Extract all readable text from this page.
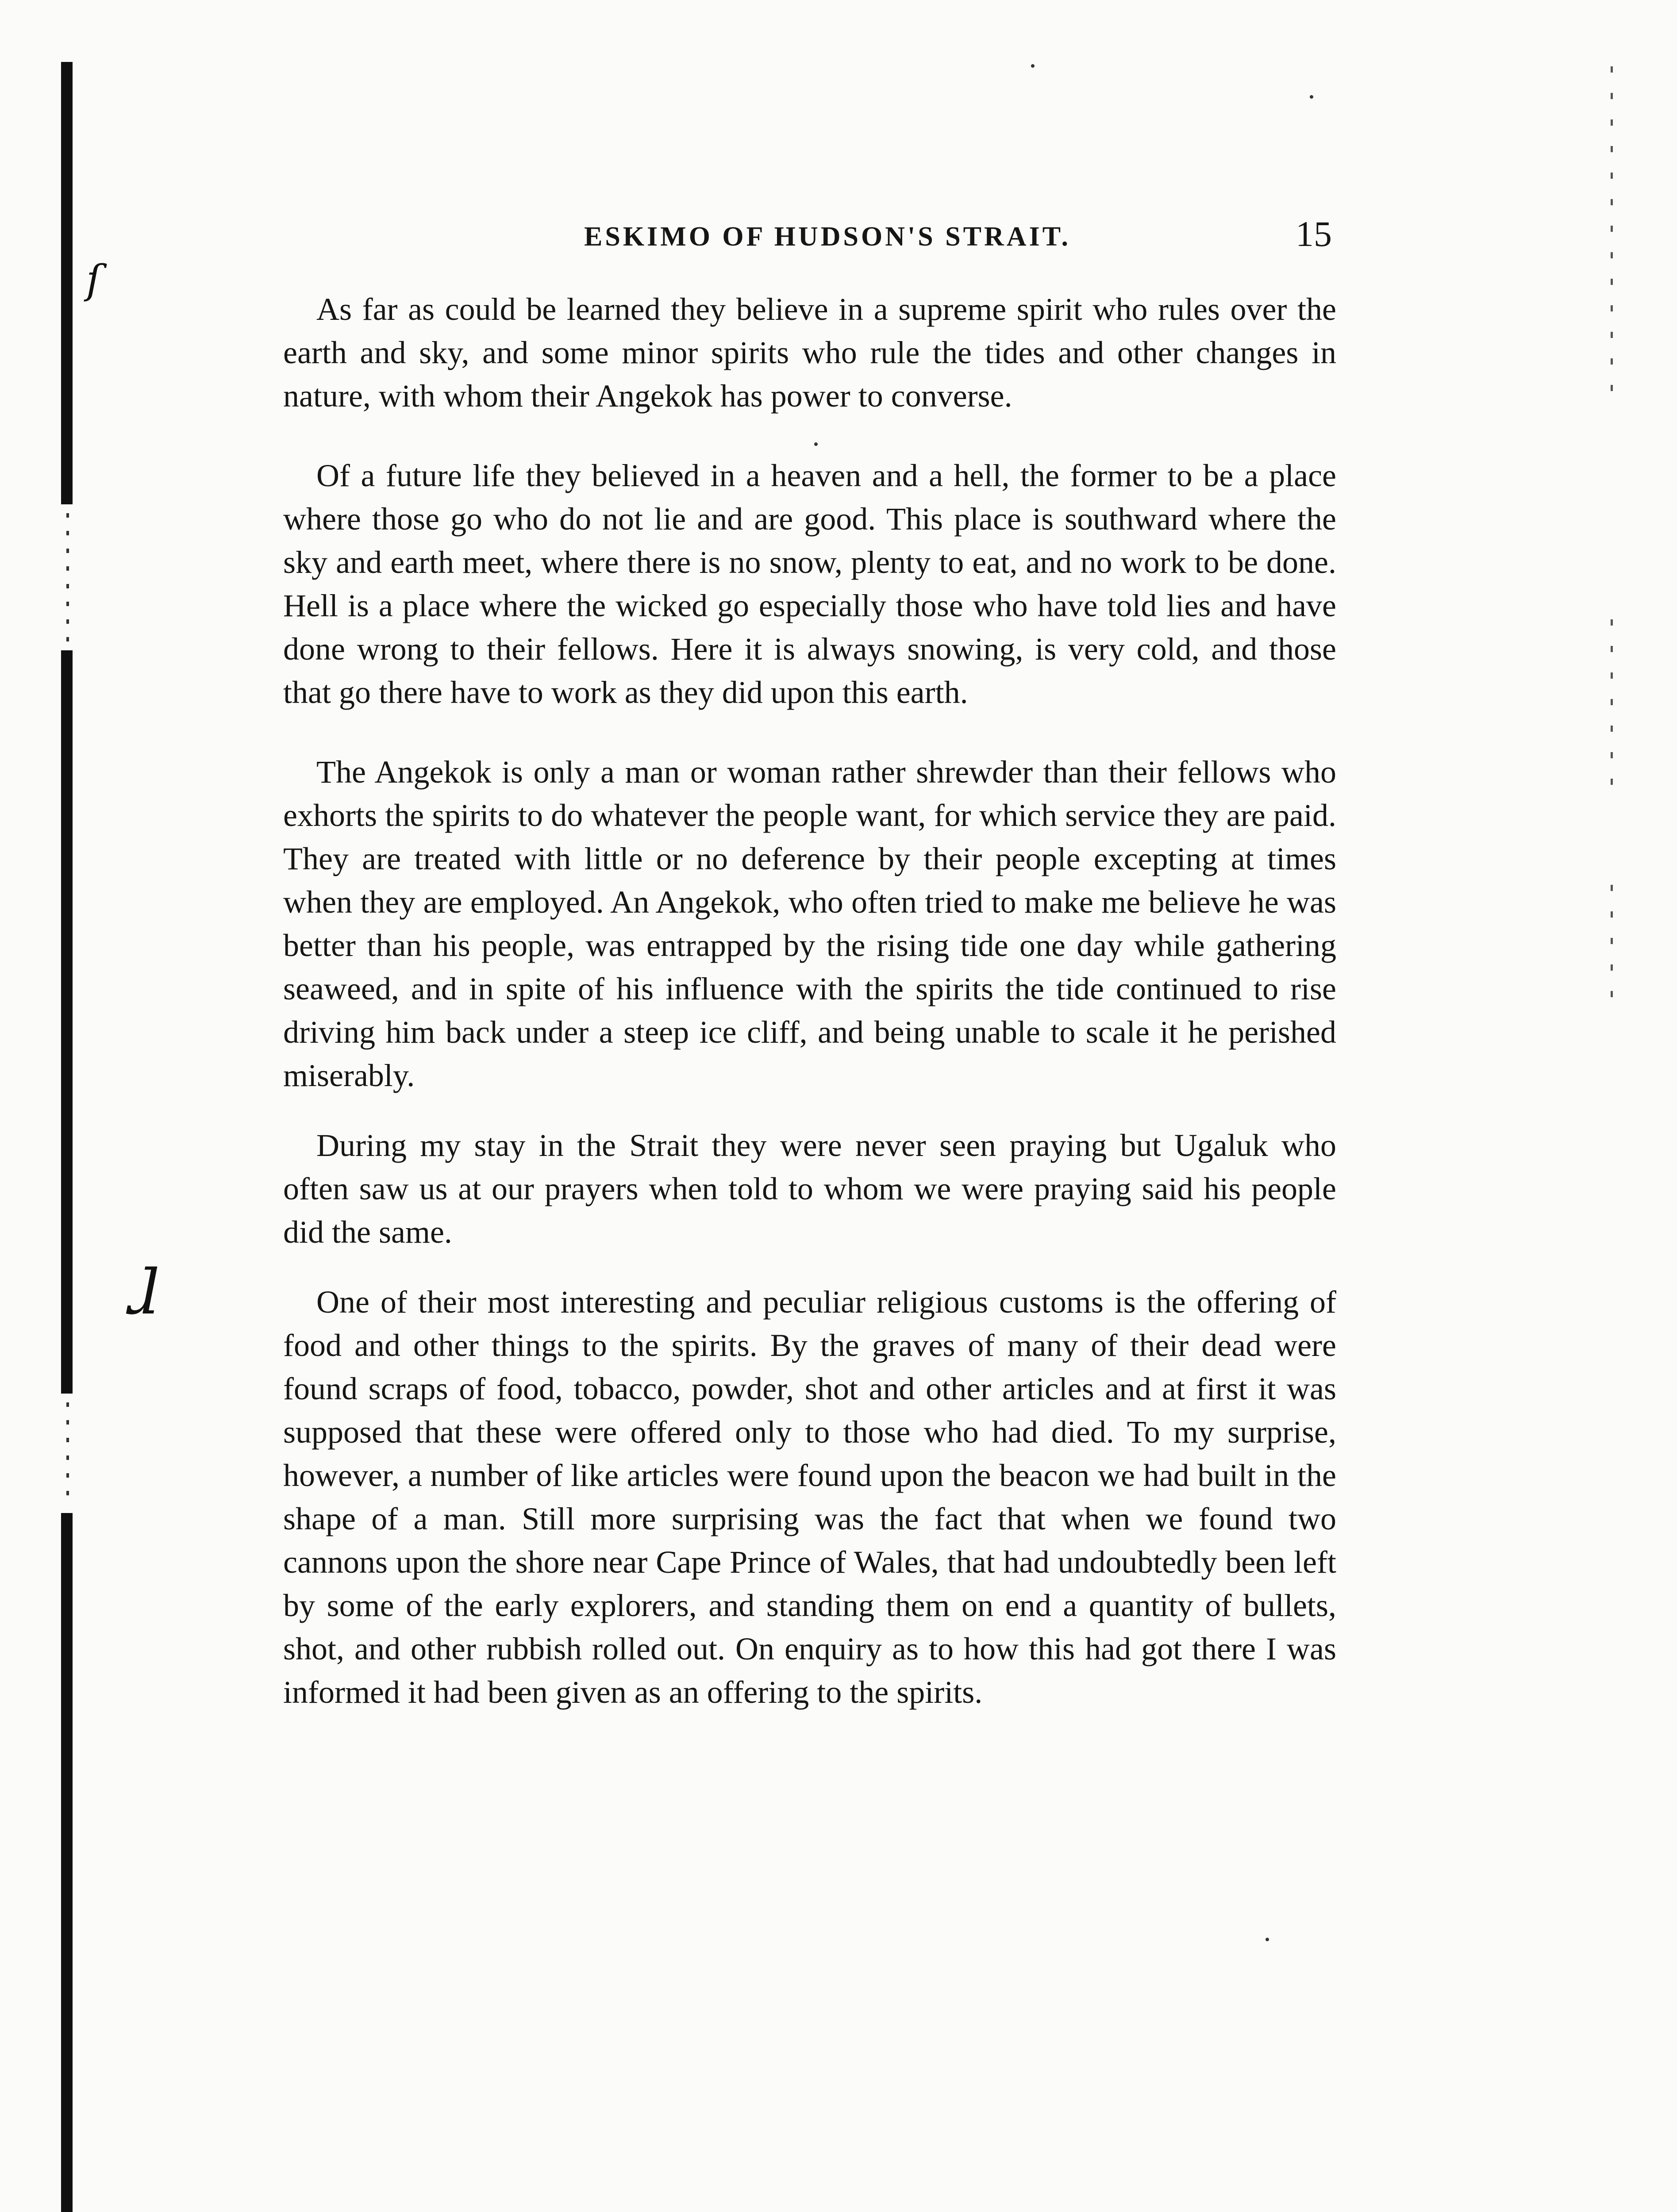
ſ
ɺ
ESKIMO OF HUDSON'S STRAIT.	15

As far as could be learned they believe in a supreme spirit who rules over the earth and sky, and some minor spirits who rule the tides and other changes in nature, with whom their Angekok has power to converse.

Of a future life they believed in a heaven and a hell, the former to be a place where those go who do not lie and are good. This place is southward where the sky and earth meet, where there is no snow, plenty to eat, and no work to be done. Hell is a place where the wicked go especially those who have told lies and have done wrong to their fellows. Here it is always snowing, is very cold, and those that go there have to work as they did upon this earth.

The Angekok is only a man or woman rather shrewder than their fellows who exhorts the spirits to do whatever the people want, for which service they are paid. They are treated with little or no deference by their people excepting at times when they are employed. An Angekok, who often tried to make me believe he was better than his people, was entrapped by the rising tide one day while gathering seaweed, and in spite of his influence with the spirits the tide continued to rise driving him back under a steep ice cliff, and being unable to scale it he perished miserably.

During my stay in the Strait they were never seen praying but Ugaluk who often saw us at our prayers when told to whom we were praying said his people did the same.

One of their most interesting and peculiar religious customs is the offering of food and other things to the spirits. By the graves of many of their dead were found scraps of food, tobacco, powder, shot and other articles and at first it was supposed that these were offered only to those who had died. To my surprise, however, a number of like articles were found upon the beacon we had built in the shape of a man. Still more surprising was the fact that when we found two cannons upon the shore near Cape Prince of Wales, that had undoubtedly been left by some of the early explorers, and standing them on end a quantity of bullets, shot, and other rubbish rolled out. On enquiry as to how this had got there I was informed it had been given as an offering to the spirits.
